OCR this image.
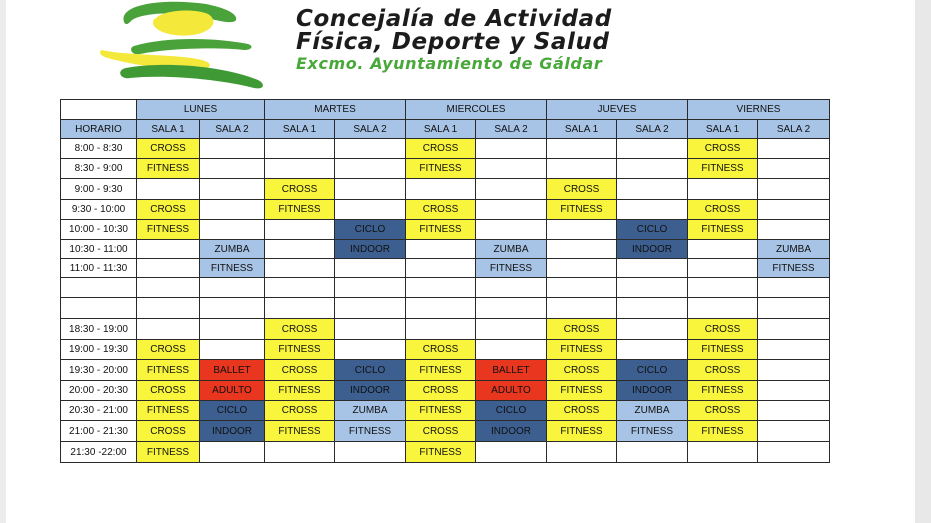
Concejalía de Actividad
Física, Deporte y Salud
Excmo. Ayuntamiento de Gáldar
	LUNES		MARTES		MIERCOLES		JUEVES		VIERNES	
HORARIO	SALA 1	SALA 2	SALA 1	SALA 2	SALA 1	SALA 2	SALA 1	SALA 2	SALA 1	SALA 2
8:00 - 8:30	CROSS				CROSS				CROSS	
8:30 - 9:00	FITNESS				FITNESS				FITNESS	
9:00 - 9:30			CROSS				CROSS			
9:30 - 10:00	CROSS		FITNESS		CROSS		FITNESS		CROSS	
10:00 - 10:30	FITNESS			CICLO	FITNESS			CICLO	FITNESS	
10:30 - 11:00		ZUMBA		INDOOR		ZUMBA		INDOOR		ZUMBA
11:00 - 11:30		FITNESS				FITNESS				FITNESS

18:30 - 19:00			CROSS				CROSS		CROSS	
19:00 - 19:30	CROSS		FITNESS		CROSS		FITNESS		FITNESS	
19:30 - 20:00	FITNESS	BALLET	CROSS	CICLO	FITNESS	BALLET	CROSS	CICLO	CROSS	
20:00 - 20:30	CROSS	ADULTO	FITNESS	INDOOR	CROSS	ADULTO	FITNESS	INDOOR	FITNESS	
20:30 - 21:00	FITNESS	CICLO	CROSS	ZUMBA	FITNESS	CICLO	CROSS	ZUMBA	CROSS	
21:00 - 21:30	CROSS	INDOOR	FITNESS	FITNESS	CROSS	INDOOR	FITNESS	FITNESS	FITNESS	
21:30 -22:00	FITNESS				FITNESS					
